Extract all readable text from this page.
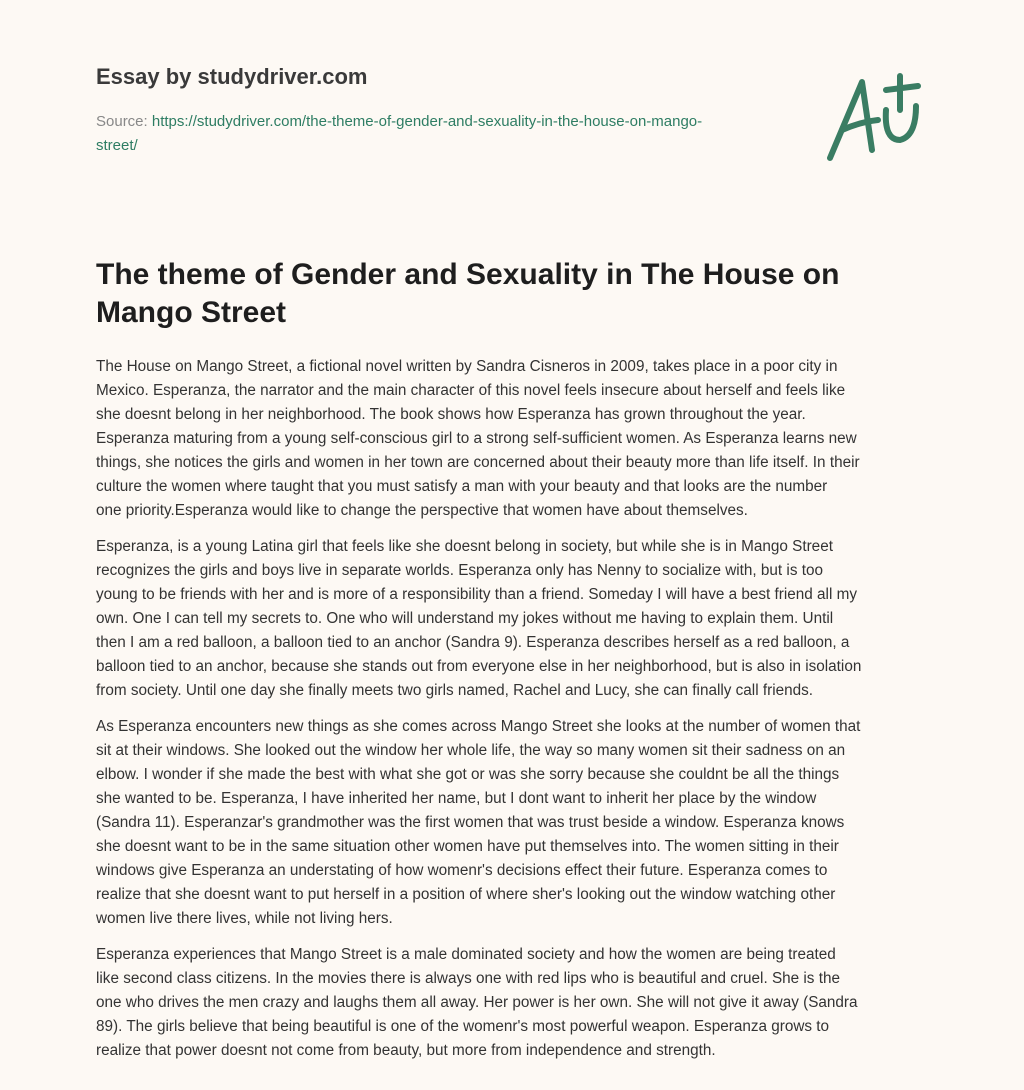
Essay by studydriver.com
Source: https://studydriver.com/the-theme-of-gender-and-sexuality-in-the-house-on-mango-street/
The theme of Gender and Sexuality in The House on Mango Street

The House on Mango Street, a fictional novel written by Sandra Cisneros in 2009, takes place in a poor city in
Mexico. Esperanza, the narrator and the main character of this novel feels insecure about herself and feels like
she doesnt belong in her neighborhood. The book shows how Esperanza has grown throughout the year.
Esperanza maturing from a young self-conscious girl to a strong self-sufficient women. As Esperanza learns new
things, she notices the girls and women in her town are concerned about their beauty more than life itself. In their
culture the women where taught that you must satisfy a man with your beauty and that looks are the number
one priority.Esperanza would like to change the perspective that women have about themselves.

Esperanza, is a young Latina girl that feels like she doesnt belong in society, but while she is in Mango Street
recognizes the girls and boys live in separate worlds. Esperanza only has Nenny to socialize with, but is too
young to be friends with her and is more of a responsibility than a friend. Someday I will have a best friend all my
own. One I can tell my secrets to. One who will understand my jokes without me having to explain them. Until
then I am a red balloon, a balloon tied to an anchor (Sandra 9). Esperanza describes herself as a red balloon, a
balloon tied to an anchor, because she stands out from everyone else in her neighborhood, but is also in isolation
from society. Until one day she finally meets two girls named, Rachel and Lucy, she can finally call friends.

As Esperanza encounters new things as she comes across Mango Street she looks at the number of women that
sit at their windows. She looked out the window her whole life, the way so many women sit their sadness on an
elbow. I wonder if she made the best with what she got or was she sorry because she couldnt be all the things
she wanted to be. Esperanza, I have inherited her name, but I dont want to inherit her place by the window
(Sandra 11). Esperanzar's grandmother was the first women that was trust beside a window. Esperanza knows
she doesnt want to be in the same situation other women have put themselves into. The women sitting in their
windows give Esperanza an understating of how womenr's decisions effect their future. Esperanza comes to
realize that she doesnt want to put herself in a position of where sher's looking out the window watching other
women live there lives, while not living hers.

Esperanza experiences that Mango Street is a male dominated society and how the women are being treated
like second class citizens. In the movies there is always one with red lips who is beautiful and cruel. She is the
one who drives the men crazy and laughs them all away. Her power is her own. She will not give it away (Sandra
89). The girls believe that being beautiful is one of the womenr's most powerful weapon. Esperanza grows to
realize that power doesnt not come from beauty, but more from independence and strength.
